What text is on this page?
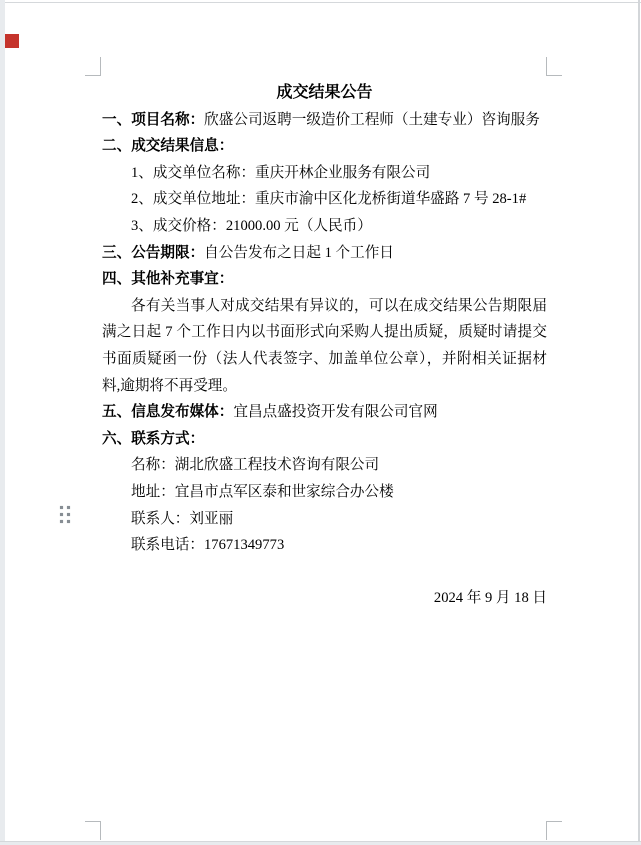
成交结果公告

一、项目名称：欣盛公司返聘一级造价工程师（土建专业）咨询服务

二、成交结果信息：

1、成交单位名称：重庆开林企业服务有限公司

2、成交单位地址：重庆市渝中区化龙桥街道华盛路 7 号 28-1#

3、成交价格：21000.00 元（人民币）

三、公告期限：自公告发布之日起 1 个工作日

四、其他补充事宜：

各有关当事人对成交结果有异议的，可以在成交结果公告期限届满之日起 7 个工作日内以书面形式向采购人提出质疑，质疑时请提交书面质疑函一份（法人代表签字、加盖单位公章），并附相关证据材料,逾期将不再受理。

五、信息发布媒体：宜昌点盛投资开发有限公司官网

六、联系方式：

名称：湖北欣盛工程技术咨询有限公司

地址：宜昌市点军区泰和世家综合办公楼

联系人：刘亚丽

联系电话：17671349773

2024 年 9 月 18 日
